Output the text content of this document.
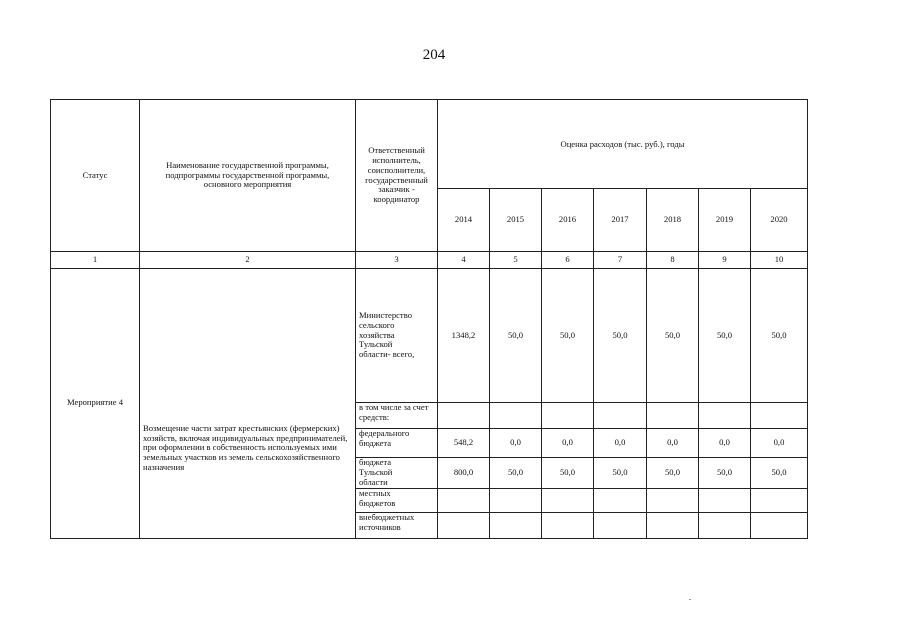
204
Статус	Наименование государственной программы, подпрограммы государственной программы, основного мероприятия	Ответственный исполнитель, соисполнители, государственный заказчик - координатор	Оценка расходов (тыс. руб.), годы						
			2014	2015	2016	2017	2018	2019	2020
1	2	3	4	5	6	7	8	9	10
Мероприятие 4	Возмещение части затрат крестьянских (фермерских) хозяйств, включая индивидуальных предпринимателей, при оформлении в собственность используемых ими земельных участков из земель сельскохозяйственного назначения	Министерство сельского хозяйства Тульской области- всего,	1348,2	50,0	50,0	50,0	50,0	50,0	50,0
		в том числе за счет средств:							
		федерального бюджета	548,2	0,0	0,0	0,0	0,0	0,0	0,0
		бюджета Тульской области	800,0	50,0	50,0	50,0	50,0	50,0	50,0
		местных бюджетов							
		внебюджетных источников							
